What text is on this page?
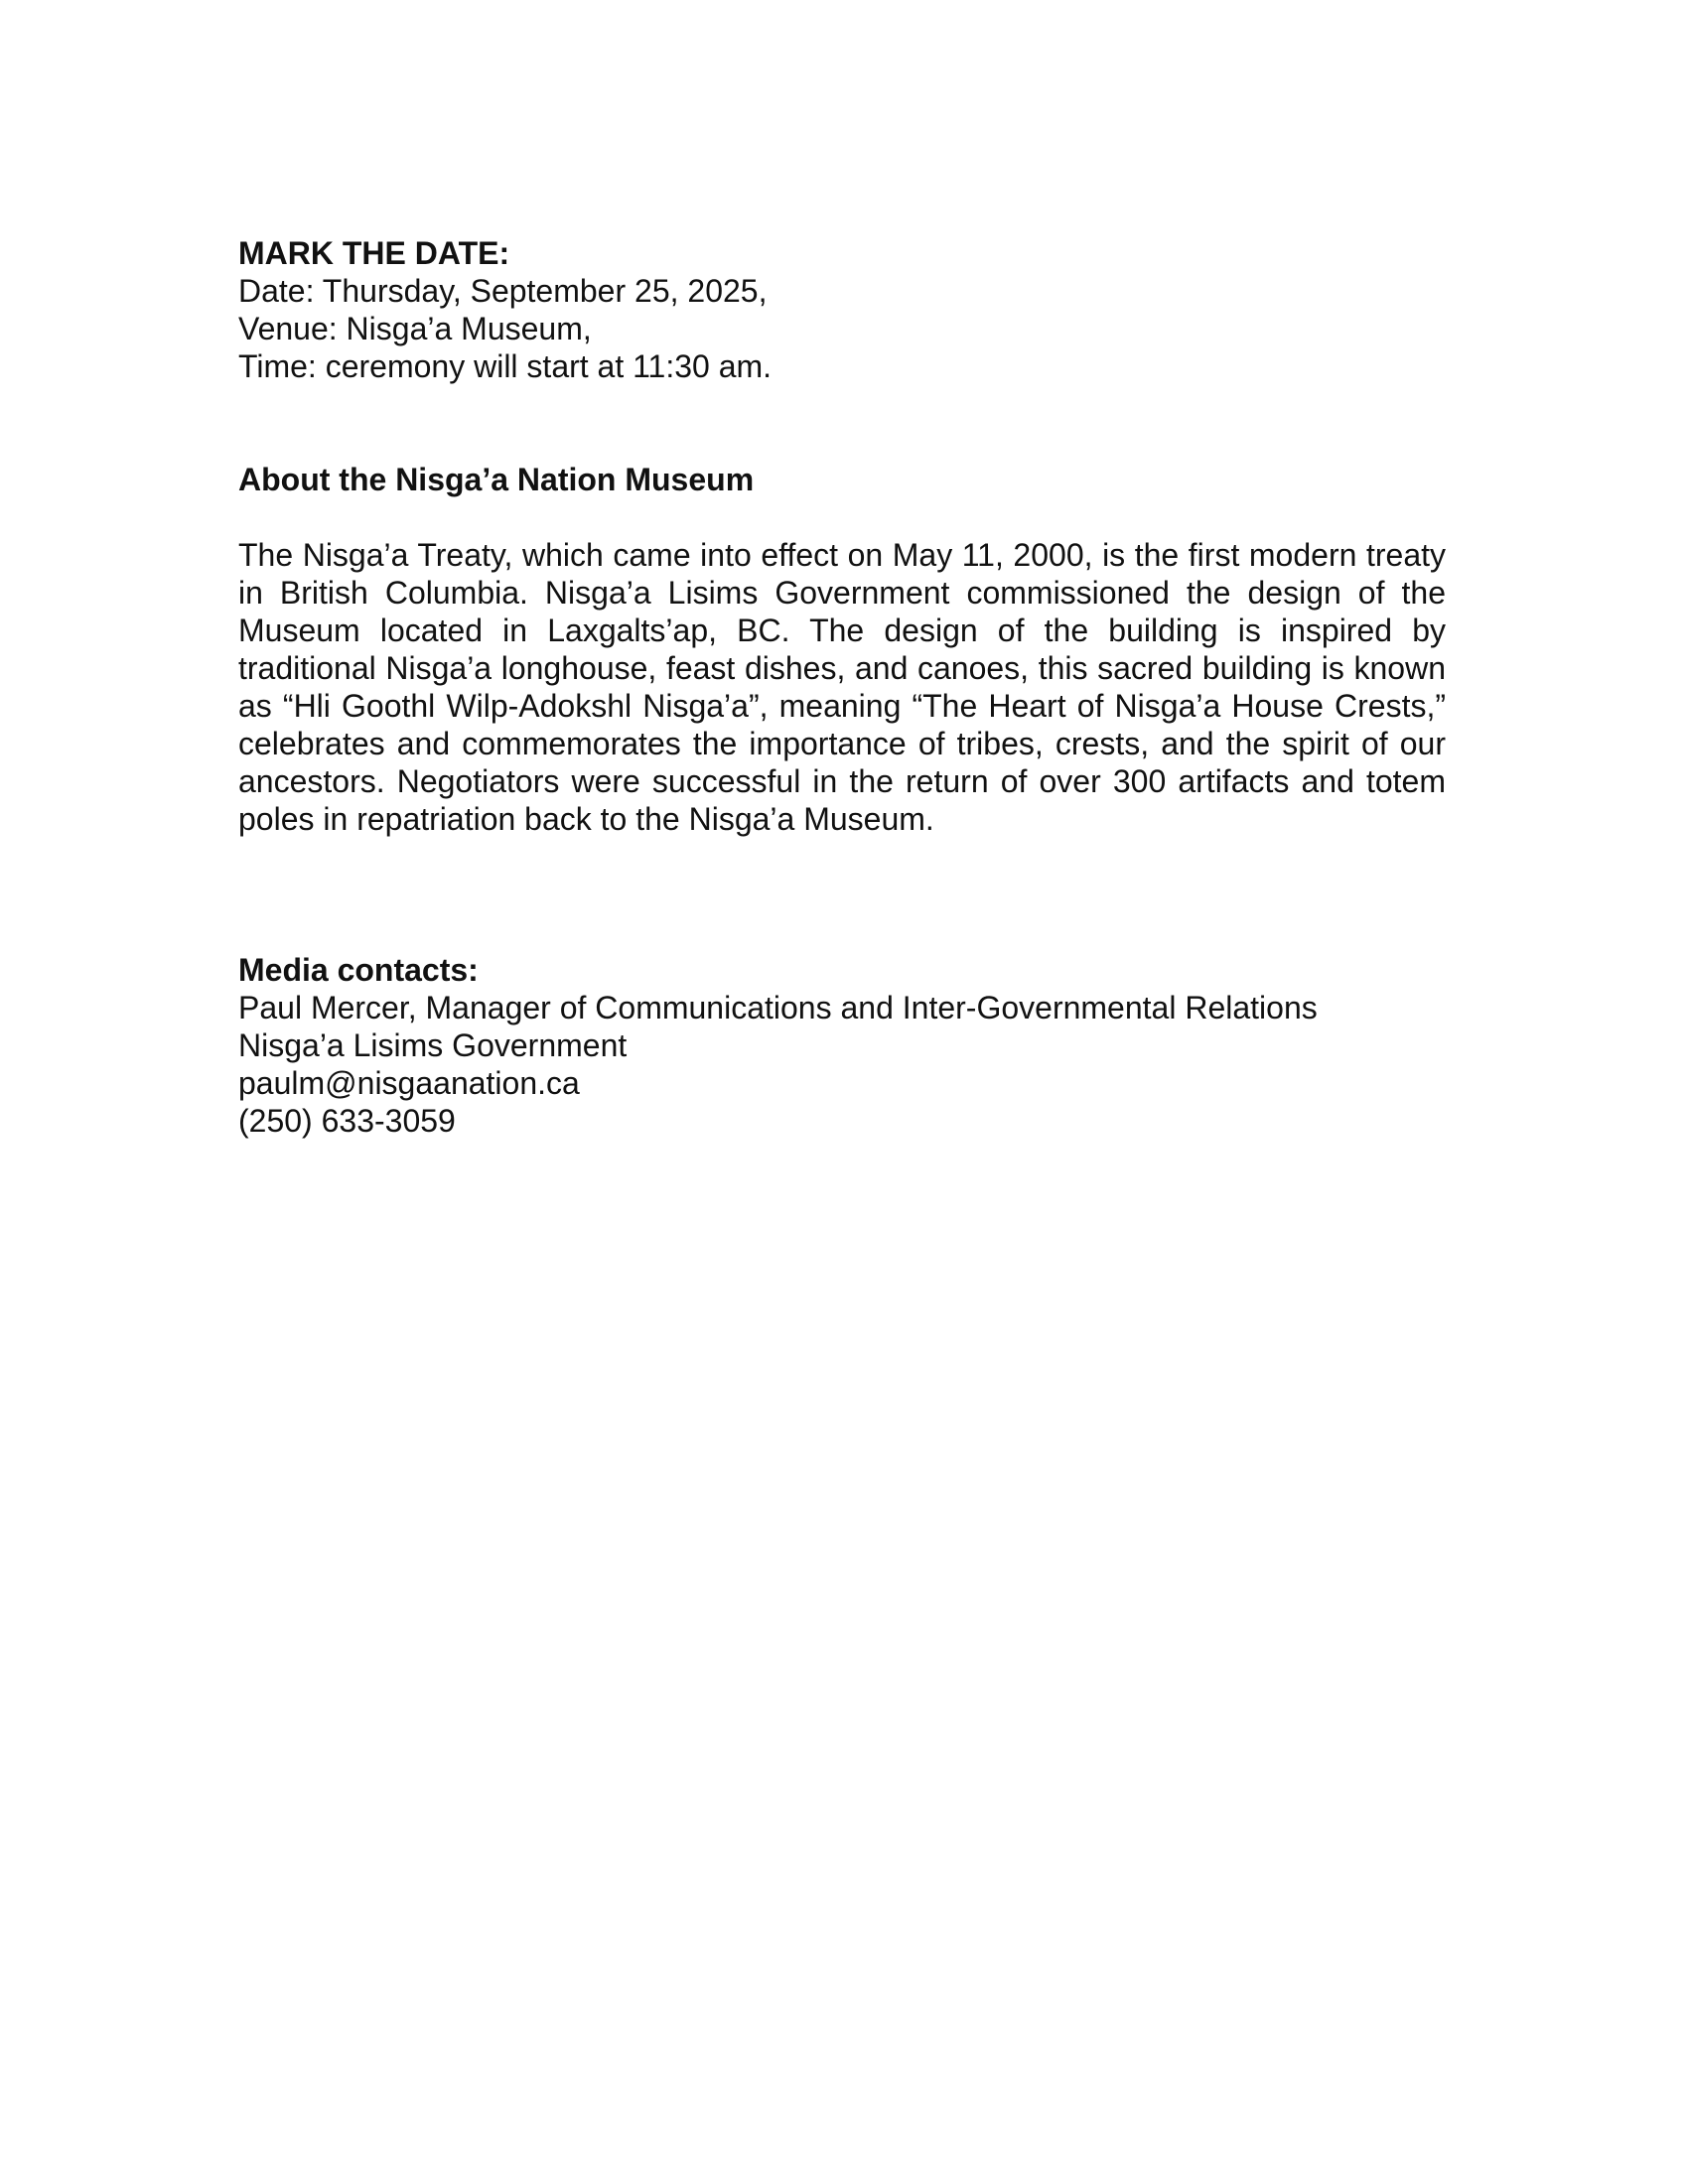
MARK THE DATE:

Date: Thursday, September 25, 2025,

Venue: Nisga’a Museum,

Time: ceremony will start at 11:30 am.

About the Nisga’a Nation Museum

The Nisga’a Treaty, which came into effect on May 11, 2000, is the first modern treaty in British Columbia. Nisga’a Lisims Government commissioned the design of the Museum located in Laxgalts’ap, BC. The design of the building is inspired by traditional Nisga’a longhouse, feast dishes, and canoes, this sacred building is known as “Hli Goothl Wilp-Adokshl Nisga’a”, meaning “The Heart of Nisga’a House Crests,” celebrates and commemorates the importance of tribes, crests, and the spirit of our ancestors. Negotiators were successful in the return of over 300 artifacts and totem poles in repatriation back to the Nisga’a Museum.

Media contacts:

Paul Mercer, Manager of Communications and Inter-Governmental Relations

Nisga’a Lisims Government

paulm@nisgaanation.ca

(250) 633-3059
